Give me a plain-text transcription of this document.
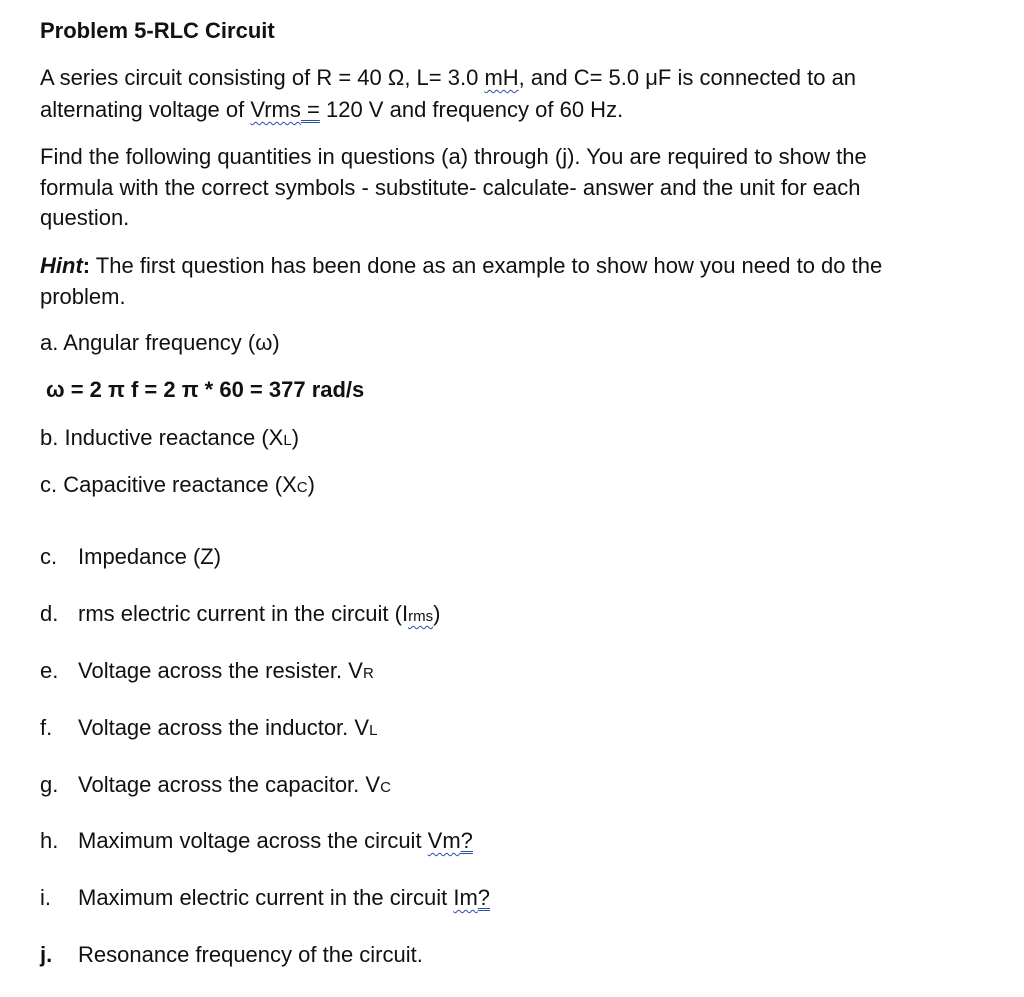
Problem 5-RLC Circuit
A series circuit consisting of R = 40 Ω, L= 3.0 mH, and C= 5.0 μF is connected to an
alternating voltage of Vrms = 120 V and frequency of 60 Hz.
Find the following quantities in questions (a) through (j). You are required to show the
formula with the correct symbols - substitute- calculate- answer and the unit for each
question.
Hint: The first question has been done as an example to show how you need to do the
problem.
a. Angular frequency (ω)
ω = 2 π f = 2 π * 60 = 377 rad/s
b. Inductive reactance (XL)
c. Capacitive reactance (XC)
c. Impedance (Z)
d. rms electric current in the circuit (Irms)
e. Voltage across the resister. VR
f. Voltage across the inductor. VL
g. Voltage across the capacitor. VC
h. Maximum voltage across the circuit Vm?
i. Maximum electric current in the circuit Im?
j. Resonance frequency of the circuit.
